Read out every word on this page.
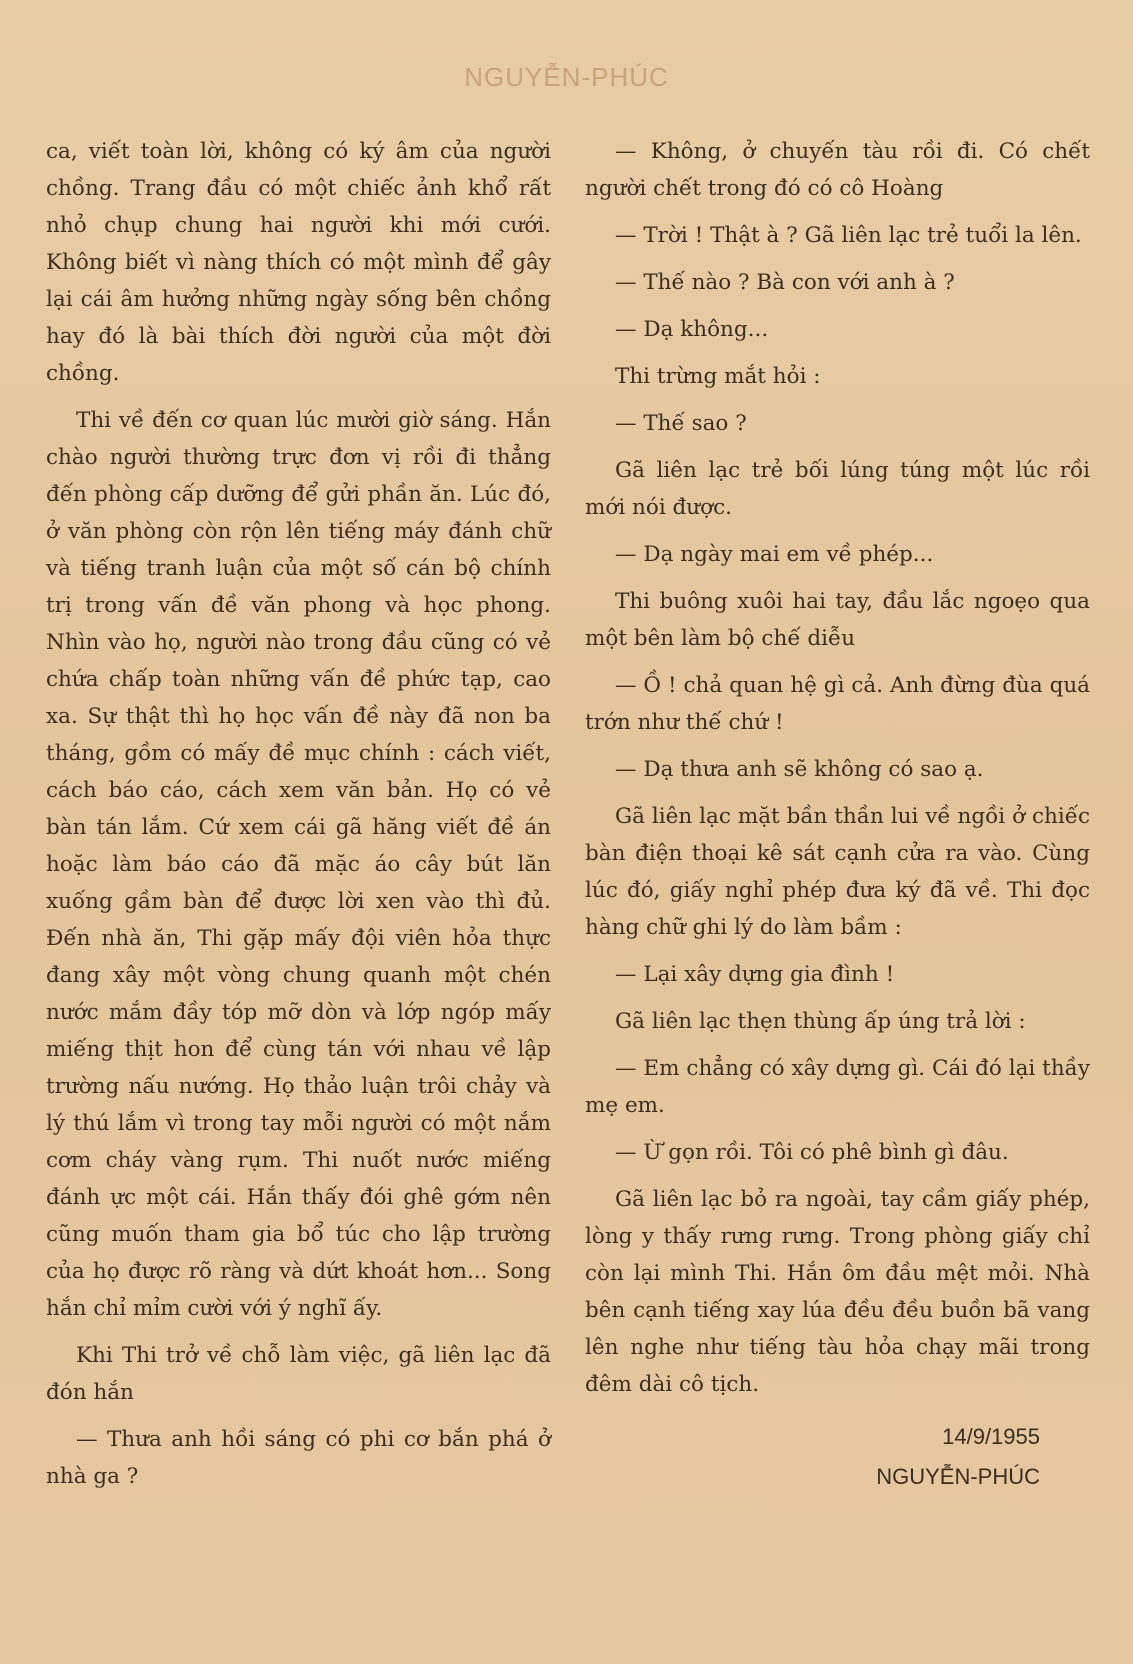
NGUYỄN-PHÚC

ca, viết toàn lời, không có ký âm của người chồng. Trang đầu có một chiếc ảnh khổ rất nhỏ chụp chung hai người khi mới cưới. Không biết vì nàng thích có một mình để gây lại cái âm hưởng những ngày sống bên chồng hay đó là bài thích đời người của một đời chồng.

Thi về đến cơ quan lúc mười giờ sáng. Hắn chào người thường trực đơn vị rồi đi thẳng đến phòng cấp dưỡng để gửi phần ăn. Lúc đó, ở văn phòng còn rộn lên tiếng máy đánh chữ và tiếng tranh luận của một số cán bộ chính trị trong vấn đề văn phong và học phong. Nhìn vào họ, người nào trong đầu cũng có vẻ chứa chấp toàn những vấn đề phức tạp, cao xa. Sự thật thì họ học vấn đề này đã non ba tháng, gồm có mấy đề mục chính : cách viết, cách báo cáo, cách xem văn bản. Họ có vẻ bàn tán lắm. Cứ xem cái gã hăng viết đề án hoặc làm báo cáo đã mặc áo cây bút lăn xuống gầm bàn để được lời xen vào thì đủ. Đến nhà ăn, Thi gặp mấy đội viên hỏa thực đang xây một vòng chung quanh một chén nước mắm đầy tóp mỡ dòn và lớp ngóp mấy miếng thịt hon để cùng tán với nhau về lập trường nấu nướng. Họ thảo luận trôi chảy và lý thú lắm vì trong tay mỗi người có một nắm cơm cháy vàng rụm. Thi nuốt nước miếng đánh ực một cái. Hắn thấy đói ghê gớm nên cũng muốn tham gia bổ túc cho lập trường của họ được rõ ràng và dứt khoát hơn... Song hắn chỉ mỉm cười với ý nghĩ ấy.

Khi Thi trở về chỗ làm việc, gã liên lạc đã đón hắn

— Thưa anh hồi sáng có phi cơ bắn phá ở nhà ga ?

— Không, ở chuyến tàu rồi đi. Có chết người chết trong đó có cô Hoàng

— Trời ! Thật à ? Gã liên lạc trẻ tuổi la lên.

— Thế nào ? Bà con với anh à ?

— Dạ không...

Thi trừng mắt hỏi :

— Thế sao ?

Gã liên lạc trẻ bối lúng túng một lúc rồi mới nói được.

— Dạ ngày mai em về phép...

Thi buông xuôi hai tay, đầu lắc ngoẹo qua một bên làm bộ chế diễu

— Ồ ! chả quan hệ gì cả. Anh đừng đùa quá trớn như thế chứ !

— Dạ thưa anh sẽ không có sao ạ.

Gã liên lạc mặt bần thần lui về ngồi ở chiếc bàn điện thoại kê sát cạnh cửa ra vào. Cùng lúc đó, giấy nghỉ phép đưa ký đã về. Thi đọc hàng chữ ghi lý do làm bầm :

— Lại xây dựng gia đình !

Gã liên lạc thẹn thùng ấp úng trả lời :

— Em chẳng có xây dựng gì. Cái đó lại thầy mẹ em.

— Ừ gọn rồi. Tôi có phê bình gì đâu.

Gã liên lạc bỏ ra ngoài, tay cầm giấy phép, lòng y thấy rưng rưng. Trong phòng giấy chỉ còn lại mình Thi. Hắn ôm đầu mệt mỏi. Nhà bên cạnh tiếng xay lúa đều đều buồn bã vang lên nghe như tiếng tàu hỏa chạy mãi trong đêm dài cô tịch.

14/9/1955
NGUYỄN-PHÚC
